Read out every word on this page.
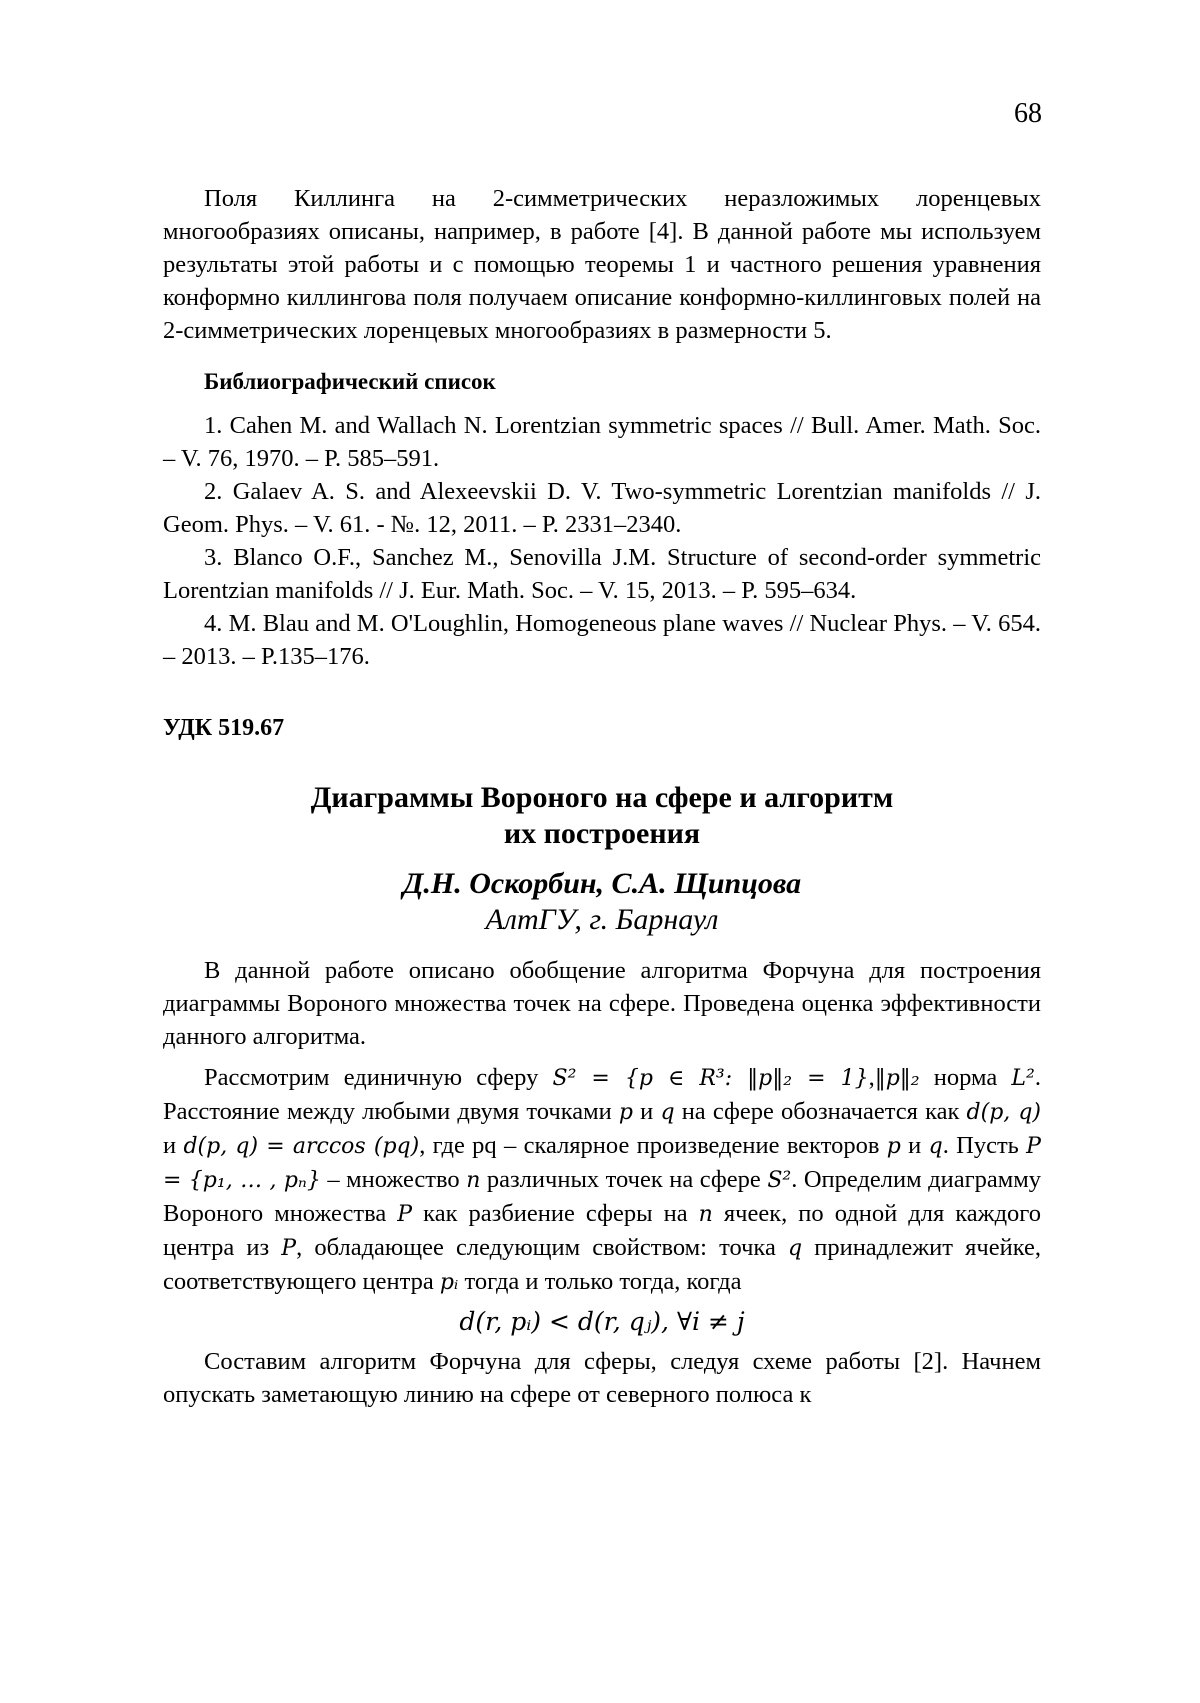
68

Поля Киллинга на 2-симметрических неразложимых лоренцевых многообразиях описаны, например, в работе [4]. В данной работе мы используем результаты этой работы и с помощью теоремы 1 и частного решения уравнения конформно киллингова поля получаем описание конформно-киллинговых полей на 2-симметрических лоренцевых многообразиях в размерности 5.

Библиографический список

1. Cahen M. and Wallach N. Lorentzian symmetric spaces // Bull. Amer. Math. Soc. – V. 76, 1970. – P. 585–591.

2. Galaev A. S. and Alexeevskii D. V. Two-symmetric Lorentzian manifolds // J. Geom. Phys. – V. 61. - №. 12, 2011. – P. 2331–2340.

3. Blanco O.F., Sanchez M., Senovilla J.M. Structure of second-order symmetric Lorentzian manifolds // J. Eur. Math. Soc. – V. 15, 2013. – P. 595–634.

4. M. Blau and M. O'Loughlin, Homogeneous plane waves // Nuclear Phys. – V. 654. – 2013. – P.135–176.

УДК 519.67
Диаграммы Вороного на сфере и алгоритм
их построения
Д.Н. Оскорбин, С.А. Щипцова
АлтГУ, г. Барнаул

В данной работе описано обобщение алгоритма Форчуна для построения диаграммы Вороного множества точек на сфере. Проведена оценка эффективности данного алгоритма.

Рассмотрим единичную сферу S² = {p ∈ R³: ‖p‖₂ = 1},‖p‖₂ норма L². Расстояние между любыми двумя точками p и q на сфере обозначается как d(p, q) и d(p, q) = arccos (pq), где pq – скалярное произведение векторов p и q. Пусть P = {p₁, … , pₙ} – множество n различных точек на сфере S². Определим диаграмму Вороного множества P как разбиение сферы на n ячеек, по одной для каждого центра из P, обладающее следующим свойством: точка q принадлежит ячейке, соответствующего центра pᵢ тогда и только тогда, когда

d(r, pᵢ) < d(r, qⱼ), ∀i ≠ j

Составим алгоритм Форчуна для сферы, следуя схеме работы [2]. Начнем опускать заметающую линию на сфере от северного полюса к
